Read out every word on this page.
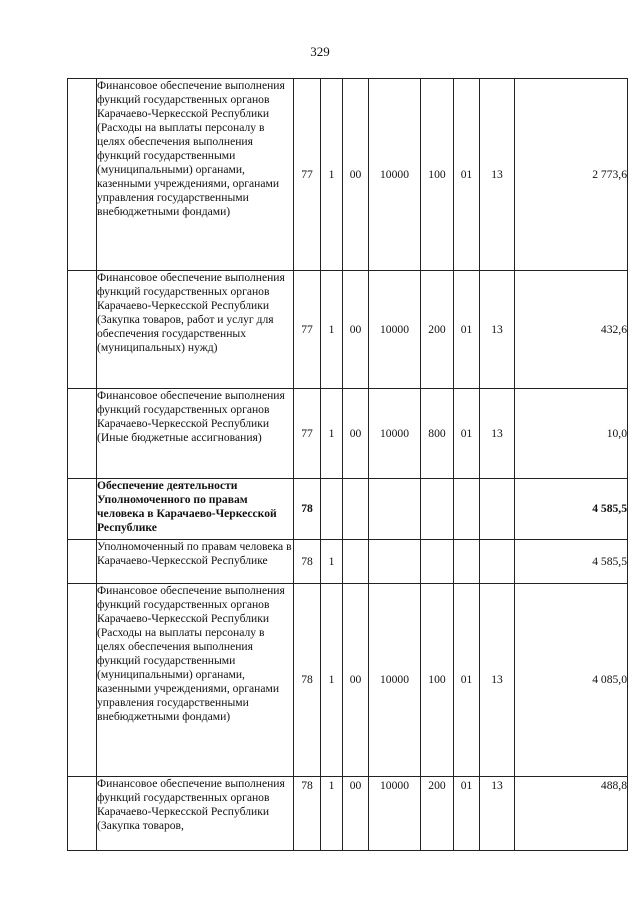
329
	Финансовое обеспечение выполнения функций государственных органов Карачаево-Черкесской Республики (Расходы на выплаты персоналу в целях обеспечения выполнения функций государственными (муниципальными) органами, казенными учреждениями, органами управления государственными внебюджетными фондами)	77	1	00	10000	100	01	13	2 773,6
	Финансовое обеспечение выполнения функций государственных органов Карачаево-Черкесской Республики (Закупка товаров, работ и услуг для обеспечения государственных (муниципальных) нужд)	77	1	00	10000	200	01	13	432,6
	Финансовое обеспечение выполнения функций государственных органов Карачаево-Черкесской Республики (Иные бюджетные ассигнования)	77	1	00	10000	800	01	13	10,0
	Обеспечение деятельности Уполномоченного по правам человека в Карачаево-Черкесской Республике	78							4 585,5
	Уполномоченный по правам человека в Карачаево-Черкесской Республике	78	1						4 585,5
	Финансовое обеспечение выполнения функций государственных органов Карачаево-Черкесской Республики (Расходы на выплаты персоналу в целях обеспечения выполнения функций государственными (муниципальными) органами, казенными учреждениями, органами управления государственными внебюджетными фондами)	78	1	00	10000	100	01	13	4 085,0
	Финансовое обеспечение выполнения функций государственных органов Карачаево-Черкесской Республики (Закупка товаров,	78	1	00	10000	200	01	13	488,8
